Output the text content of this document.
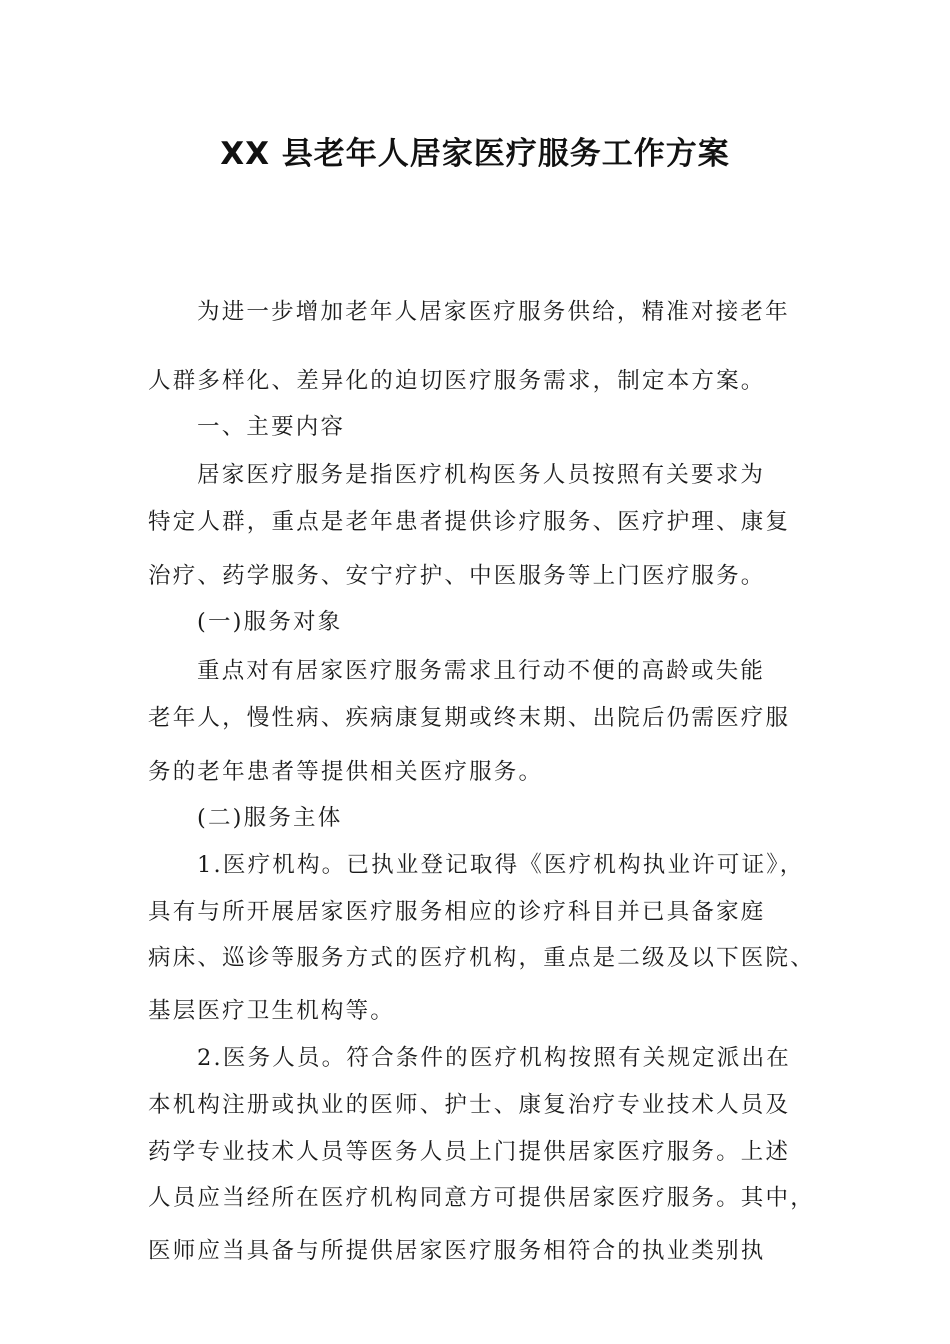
XX 县老年人居家医疗服务工作方案

为进一步增加老年人居家医疗服务供给，精准对接老年

人群多样化、差异化的迫切医疗服务需求，制定本方案。

一、主要内容

居家医疗服务是指医疗机构医务人员按照有关要求为

特定人群，重点是老年患者提供诊疗服务、医疗护理、康复

治疗、药学服务、安宁疗护、中医服务等上门医疗服务。

(一)服务对象

重点对有居家医疗服务需求且行动不便的高龄或失能

老年人，慢性病、疾病康复期或终末期、出院后仍需医疗服

务的老年患者等提供相关医疗服务。

(二)服务主体

1.医疗机构。已执业登记取得《医疗机构执业许可证》，

具有与所开展居家医疗服务相应的诊疗科目并已具备家庭

病床、巡诊等服务方式的医疗机构，重点是二级及以下医院、

基层医疗卫生机构等。

2.医务人员。符合条件的医疗机构按照有关规定派出在

本机构注册或执业的医师、护士、康复治疗专业技术人员及

药学专业技术人员等医务人员上门提供居家医疗服务。上述

人员应当经所在医疗机构同意方可提供居家医疗服务。其中，

医师应当具备与所提供居家医疗服务相符合的执业类别执
